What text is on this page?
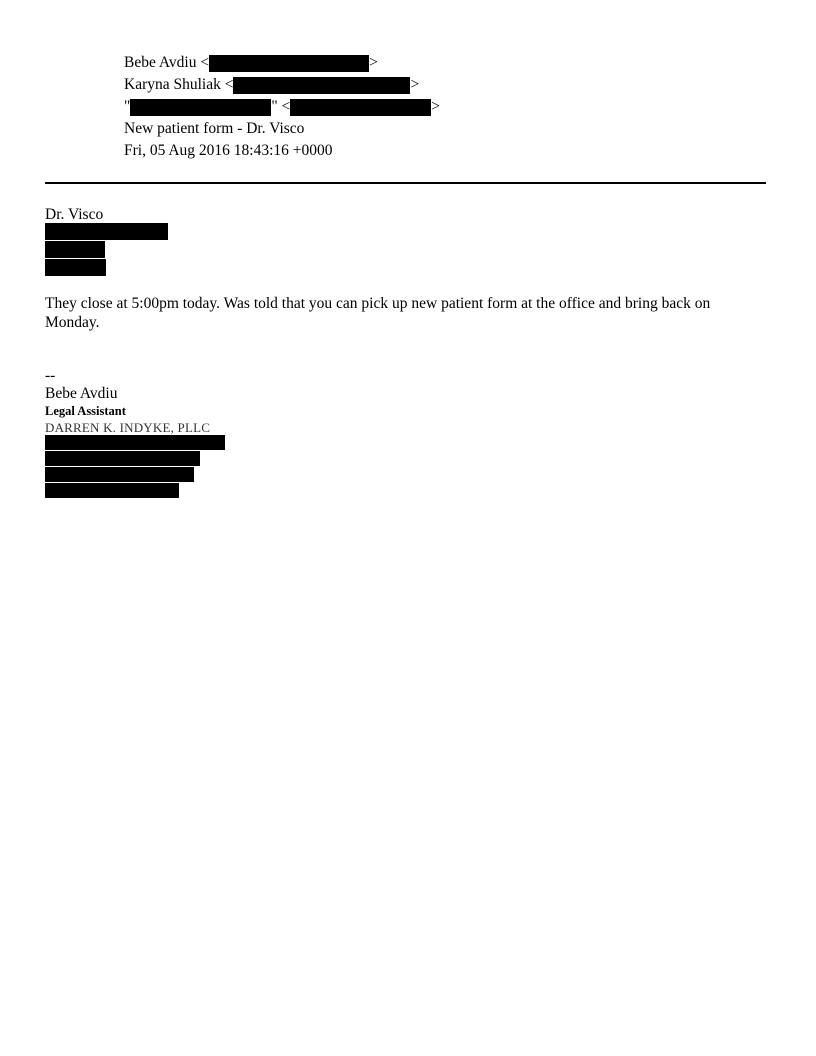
Bebe Avdiu <	>
Karyna Shuliak <	>
"	" <	>
New patient form - Dr. Visco
Fri, 05 Aug 2016 18:43:16 +0000
Dr. Visco
They close at 5:00pm today. Was told that you can pick up new patient form at the office and bring back on Monday.
--
Bebe Avdiu
Legal Assistant
DARREN K. INDYKE, PLLC
